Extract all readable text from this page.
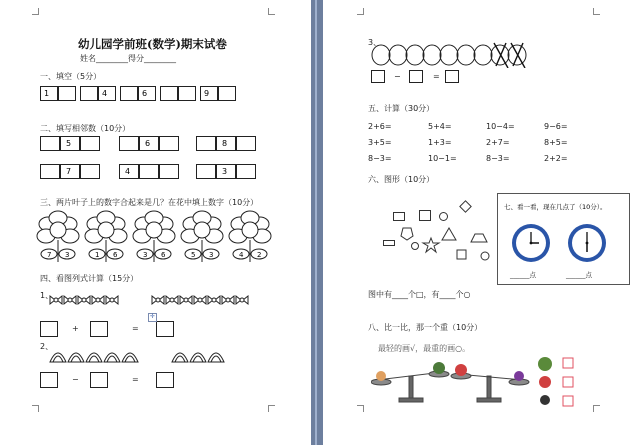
幼儿园学前班(数学)期末试卷
姓名________得分________
一、填空（5分）
1	4	6	9
二、填写相邻数（10分）
5	6	8
7	4	3
三、两片叶子上的数字合起来是几？在花中填上数字（10分）
7 3	1 6	3 6	5 3	4 2
四、看图列式计算（15分）
1、
+	=
✛
2、
−	=
3、
−	=
五、计算（30分）
2+6=	5+4=	10−4=	9−6=
3+5=	1+3=	2+7=	8+5=
8−3=	10−1=	8−3=	2+2=
六、图形（10分）
七、看一看，现在几点了（10分）。
______点	______点
图中有____个□，有____个○
八、比一比，那一个重（10分）
最轻的画√，最重的画○。
